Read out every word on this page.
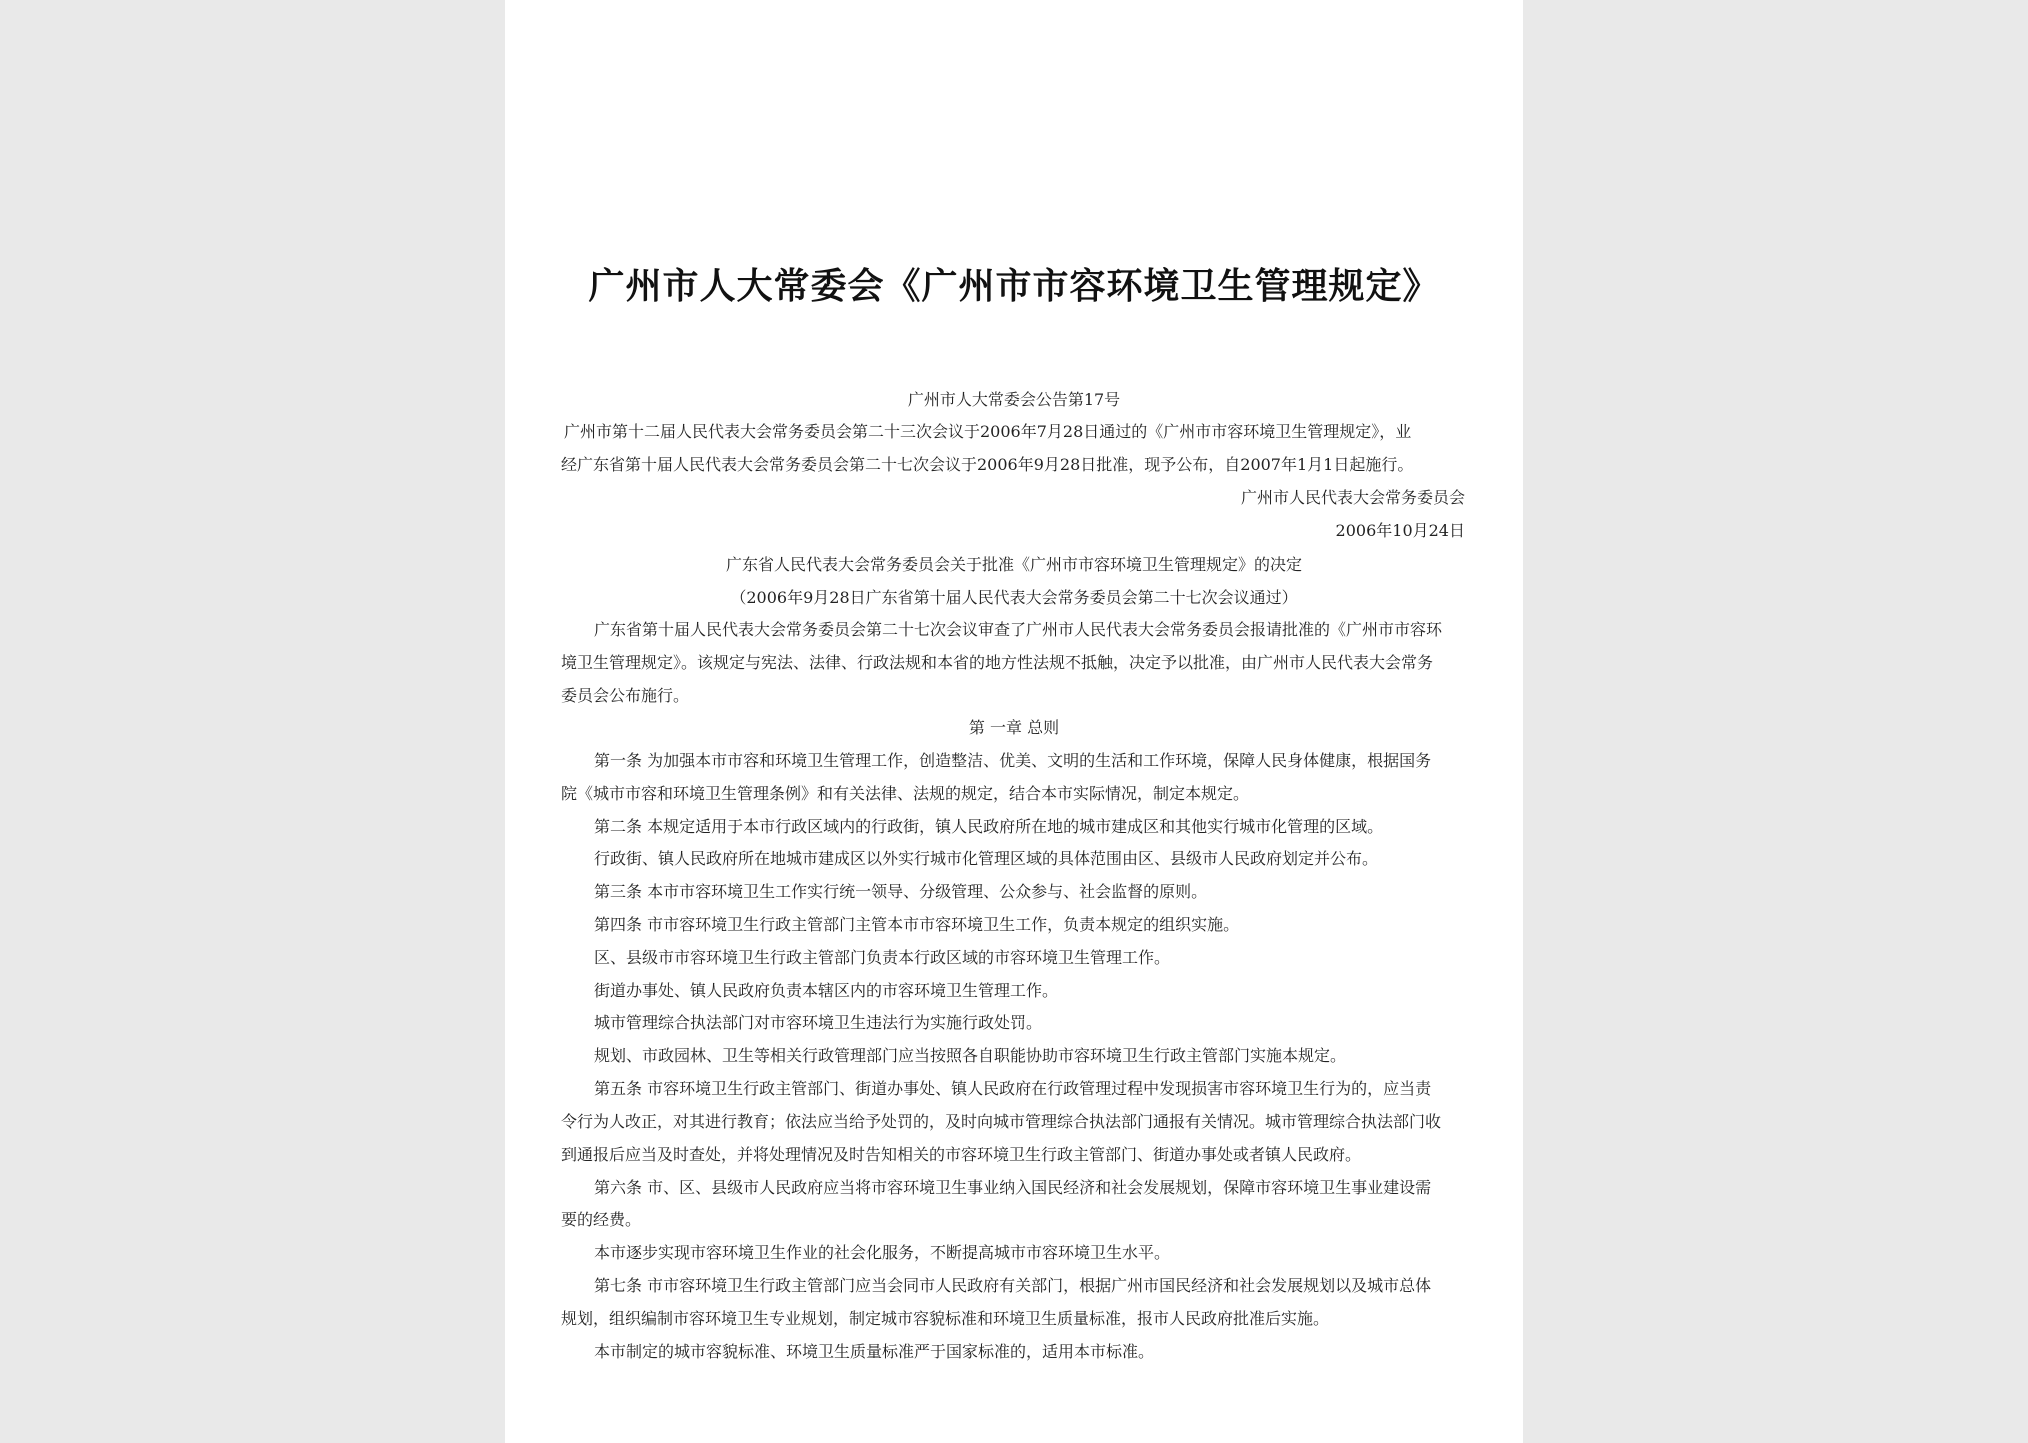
广州市人大常委会《广州市市容环境卫生管理规定》
广州市人大常委会公告第17号
广州市第十二届人民代表大会常务委员会第二十三次会议于2006年7月28日通过的《广州市市容环境卫生管理规定》，业
经广东省第十届人民代表大会常务委员会第二十七次会议于2006年9月28日批准，现予公布，自2007年1月1日起施行。
广州市人民代表大会常务委员会
2006年10月24日
广东省人民代表大会常务委员会关于批准《广州市市容环境卫生管理规定》的决定
（2006年9月28日广东省第十届人民代表大会常务委员会第二十七次会议通过）
广东省第十届人民代表大会常务委员会第二十七次会议审查了广州市人民代表大会常务委员会报请批准的《广州市市容环
境卫生管理规定》。该规定与宪法、法律、行政法规和本省的地方性法规不抵触，决定予以批准，由广州市人民代表大会常务
委员会公布施行。
第 一章 总则
第一条 为加强本市市容和环境卫生管理工作，创造整洁、优美、文明的生活和工作环境，保障人民身体健康，根据国务
院《城市市容和环境卫生管理条例》和有关法律、法规的规定，结合本市实际情况，制定本规定。
第二条 本规定适用于本市行政区域内的行政街，镇人民政府所在地的城市建成区和其他实行城市化管理的区域。
行政街、镇人民政府所在地城市建成区以外实行城市化管理区域的具体范围由区、县级市人民政府划定并公布。
第三条 本市市容环境卫生工作实行统一领导、分级管理、公众参与、社会监督的原则。
第四条 市市容环境卫生行政主管部门主管本市市容环境卫生工作，负责本规定的组织实施。
区、县级市市容环境卫生行政主管部门负责本行政区域的市容环境卫生管理工作。
街道办事处、镇人民政府负责本辖区内的市容环境卫生管理工作。
城市管理综合执法部门对市容环境卫生违法行为实施行政处罚。
规划、市政园林、卫生等相关行政管理部门应当按照各自职能协助市容环境卫生行政主管部门实施本规定。
第五条 市容环境卫生行政主管部门、街道办事处、镇人民政府在行政管理过程中发现损害市容环境卫生行为的，应当责
令行为人改正，对其进行教育；依法应当给予处罚的，及时向城市管理综合执法部门通报有关情况。城市管理综合执法部门收
到通报后应当及时查处，并将处理情况及时告知相关的市容环境卫生行政主管部门、街道办事处或者镇人民政府。
第六条 市、区、县级市人民政府应当将市容环境卫生事业纳入国民经济和社会发展规划，保障市容环境卫生事业建设需
要的经费。
本市逐步实现市容环境卫生作业的社会化服务，不断提高城市市容环境卫生水平。
第七条 市市容环境卫生行政主管部门应当会同市人民政府有关部门，根据广州市国民经济和社会发展规划以及城市总体
规划，组织编制市容环境卫生专业规划，制定城市容貌标准和环境卫生质量标准，报市人民政府批准后实施。
本市制定的城市容貌标准、环境卫生质量标准严于国家标准的，适用本市标准。
